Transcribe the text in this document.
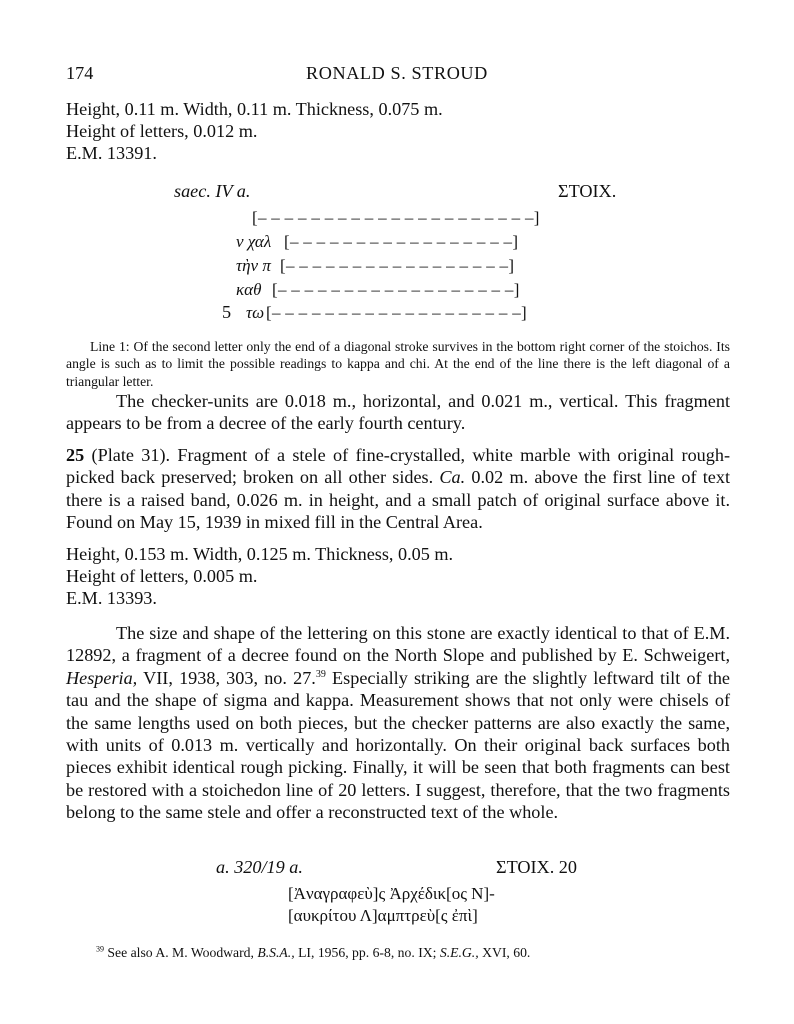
174	RONALD S. STROUD
Height, 0.11 m. Width, 0.11 m. Thickness, 0.075 m.
Height of letters, 0.012 m.
E.M. 13391.
saec. IV a.	ΣTOIX.
[– – – – – – – – – – – – – – – – – – – – –]
ν χαλ [– – – – – – – – – – – – – – – – –]
τὴν π [– – – – – – – – – – – – – – – – –]
καθ [– – – – – – – – – – – – – – – – – –]
5 τω [– – – – – – – – – – – – – – – – – – –]
Line 1: Of the second letter only the end of a diagonal stroke survives in the bottom right corner of the stoichos. Its angle is such as to limit the possible readings to kappa and chi. At the end of the line there is the left diagonal of a triangular letter.
The checker-units are 0.018 m., horizontal, and 0.021 m., vertical. This fragment appears to be from a decree of the early fourth century.
25 (Plate 31). Fragment of a stele of fine-crystalled, white marble with original rough-picked back preserved; broken on all other sides. Ca. 0.02 m. above the first line of text there is a raised band, 0.026 m. in height, and a small patch of original surface above it. Found on May 15, 1939 in mixed fill in the Central Area.
Height, 0.153 m. Width, 0.125 m. Thickness, 0.05 m.
Height of letters, 0.005 m.
E.M. 13393.
The size and shape of the lettering on this stone are exactly identical to that of E.M. 12892, a fragment of a decree found on the North Slope and published by E. Schweigert, Hesperia, VII, 1938, 303, no. 27.39 Especially striking are the slightly leftward tilt of the tau and the shape of sigma and kappa. Measurement shows that not only were chisels of the same lengths used on both pieces, but the checker patterns are also exactly the same, with units of 0.013 m. vertically and horizontally. On their original back surfaces both pieces exhibit identical rough picking. Finally, it will be seen that both fragments can best be restored with a stoichedon line of 20 letters. I suggest, therefore, that the two fragments belong to the same stele and offer a reconstructed text of the whole.
a. 320/19 a.	ΣTOIX. 20
[Ἀναγραφεὺ]ς Ἀρχέδικ[ος Ν]-
[αυκρίτου Λ]αμπτρεὺ[ς ἐπὶ]
$^{39}$ See also A. M. Woodward, B.S.A., LI, 1956, pp. 6-8, no. IX; S.E.G., XVI, 60.
